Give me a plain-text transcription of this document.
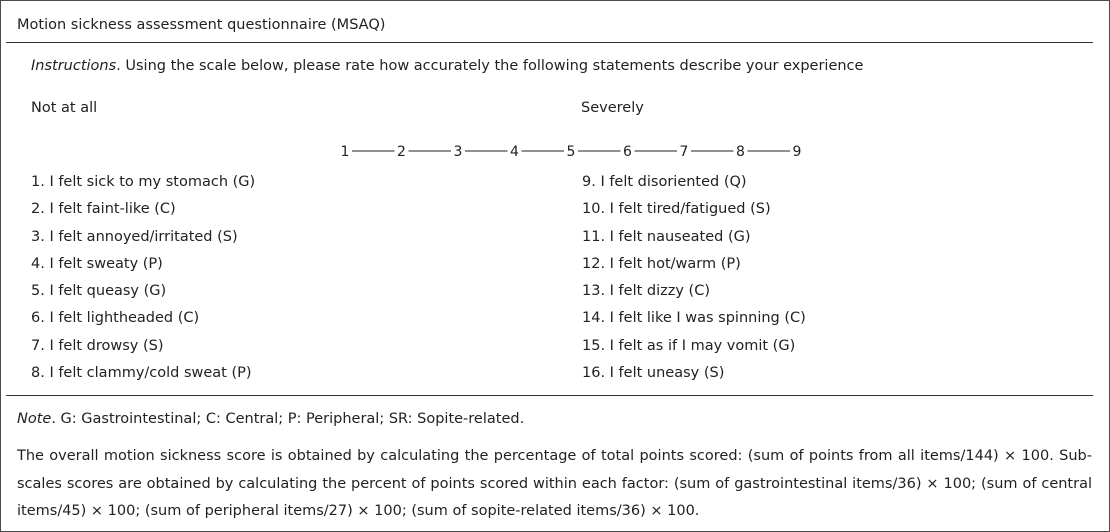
Motion sickness assessment questionnaire (MSAQ)
Instructions. Using the scale below, please rate how accurately the following statements describe your experience
Not at all	Severely
1	2	3	4	5	6	7	8	9
1. I felt sick to my stomach (G)
2. I felt faint-like (C)
3. I felt annoyed/irritated (S)
4. I felt sweaty (P)
5. I felt queasy (G)
6. I felt lightheaded (C)
7. I felt drowsy (S)
8. I felt clammy/cold sweat (P)
9. I felt disoriented (Q)
10. I felt tired/fatigued (S)
11. I felt nauseated (G)
12. I felt hot/warm (P)
13. I felt dizzy (C)
14. I felt like I was spinning (C)
15. I felt as if I may vomit (G)
16. I felt uneasy (S)
Note. G: Gastrointestinal; C: Central; P: Peripheral; SR: Sopite-related.
The overall motion sickness score is obtained by calculating the percentage of total points scored: (sum of points from all items/144) × 100. Sub-scales scores are obtained by calculating the percent of points scored within each factor: (sum of gastrointestinal items/36) × 100; (sum of central items/45) × 100; (sum of peripheral items/27) × 100; (sum of sopite-related items/36) × 100.
